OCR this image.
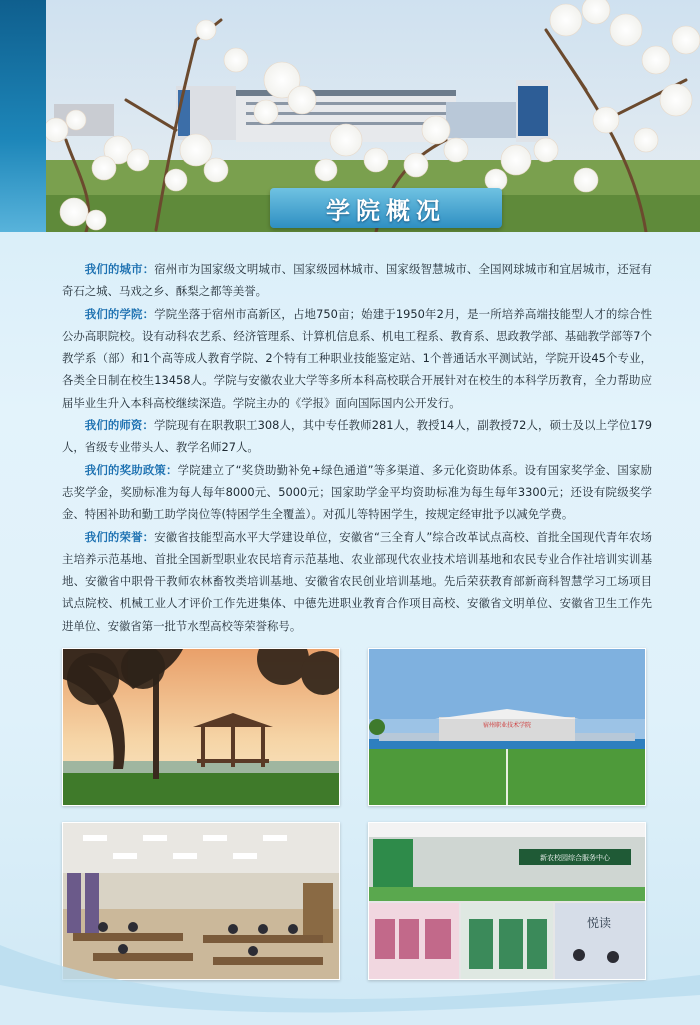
学院概况

我们的城市：宿州市为国家级文明城市、国家级园林城市、国家级智慧城市、全国网球城市和宜居城市，还冠有奇石之城、马戏之乡、酥梨之都等美誉。

我们的学院：学院坐落于宿州市高新区，占地750亩；始建于1950年2月，是一所培养高端技能型人才的综合性公办高职院校。设有动科农艺系、经济管理系、计算机信息系、机电工程系、教育系、思政教学部、基础教学部等7个教学系（部）和1个高等成人教育学院、2个特有工种职业技能鉴定站、1个普通话水平测试站，学院开设45个专业，各类全日制在校生13458人。学院与安徽农业大学等多所本科高校联合开展针对在校生的本科学历教育，全力帮助应届毕业生升入本科高校继续深造。学院主办的《学报》面向国际国内公开发行。

我们的师资：学院现有在职教职工308人，其中专任教师281人，教授14人，副教授72人，硕士及以上学位179人，省级专业带头人、教学名师27人。

我们的奖助政策：学院建立了“奖贷助勤补免+绿色通道”等多渠道、多元化资助体系。设有国家奖学金、国家励志奖学金，奖励标准为每人每年8000元、5000元；国家助学金平均资助标准为每生每年3300元；还设有院级奖学金、特困补助和勤工助学岗位等(特困学生全覆盖）。对孤儿等特困学生，按规定经审批予以减免学费。

我们的荣誉：安徽省技能型高水平大学建设单位，安徽省“三全育人”综合改革试点高校、首批全国现代青年农场主培养示范基地、首批全国新型职业农民培育示范基地、农业部现代农业技术培训基地和农民专业合作社培训实训基地、安徽省中职骨干教师农林畜牧类培训基地、安徽省农民创业培训基地。先后荣获教育部新商科智慧学习工场项目试点院校、机械工业人才评价工作先进集体、中德先进职业教育合作项目高校、安徽省文明单位、安徽省卫生工作先进单位、安徽省第一批节水型高校等荣誉称号。

宿州职业技术学院
新农校园综合服务中心
悦读
